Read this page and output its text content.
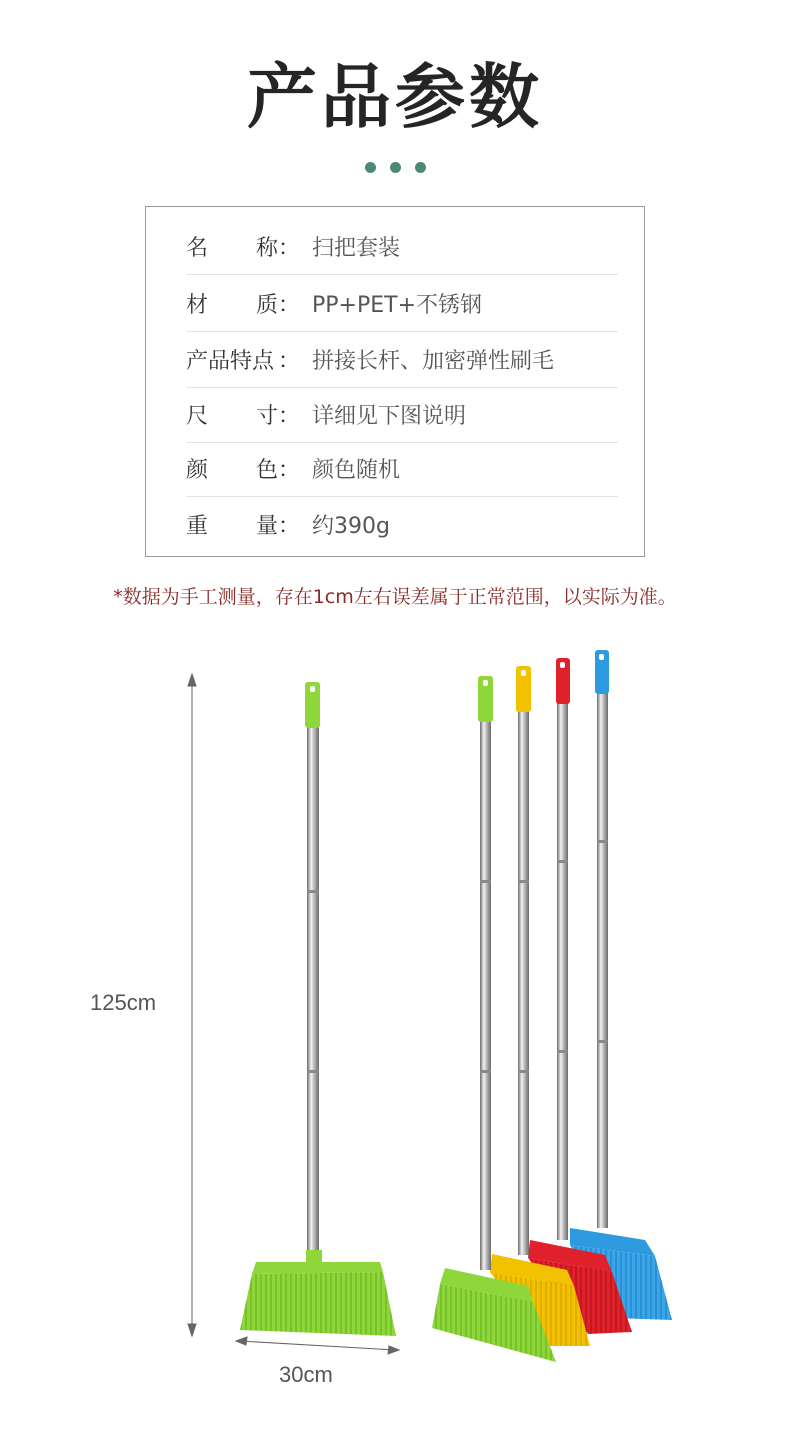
产品参数
名 称 ： 扫把套装
材 质 ： PP+PET+不锈钢
产品特点 ： 拼接长杆、加密弹性刷毛
尺 寸 ： 详细见下图说明
颜 色 ： 颜色随机
重 量 ： 约390g
*数据为手工测量，存在1cm左右误差属于正常范围，以实际为准。
125cm
30cm
